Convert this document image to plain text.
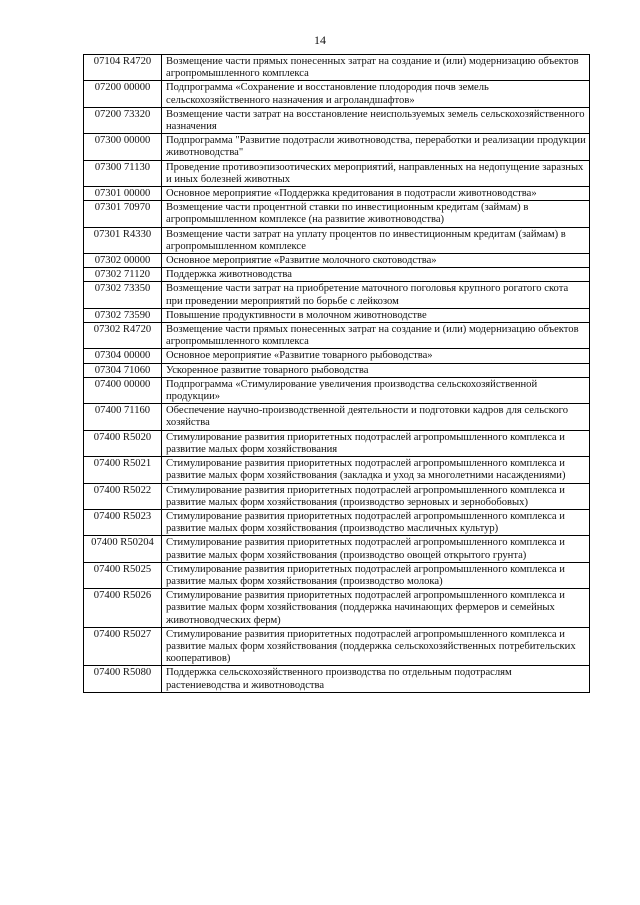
14
07104 R4720	Возмещение части прямых понесенных затрат на создание и (или) модернизацию объектов агропромышленного комплекса
07200 00000	Подпрограмма «Сохранение и восстановление плодородия почв земель сельскохозяйственного назначения и агроландшафтов»
07200 73320	Возмещение части затрат на восстановление неиспользуемых земель сельскохозяйственного назначения
07300 00000	Подпрограмма "Развитие подотрасли животноводства, переработки и реализации продукции животноводства"
07300 71130	Проведение противоэпизоотических мероприятий, направленных на недопущение заразных и иных болезней животных
07301 00000	Основное мероприятие «Поддержка кредитования в подотрасли животноводства»
07301 70970	Возмещение части процентной ставки по инвестиционным кредитам (займам) в агропромышленном комплексе (на развитие животноводства)
07301 R4330	Возмещение части затрат на уплату процентов по инвестиционным кредитам (займам) в агропромышленном комплексе
07302 00000	Основное мероприятие «Развитие молочного скотоводства»
07302 71120	Поддержка животноводства
07302 73350	Возмещение части затрат на приобретение маточного поголовья крупного рогатого скота при проведении мероприятий по борьбе с лейкозом
07302 73590	Повышение продуктивности в молочном животноводстве
07302 R4720	Возмещение части прямых понесенных затрат на создание и (или) модернизацию объектов агропромышленного комплекса
07304 00000	Основное мероприятие «Развитие товарного рыбоводства»
07304 71060	Ускоренное развитие товарного рыбоводства
07400 00000	Подпрограмма «Стимулирование увеличения производства сельскохозяйственной продукции»
07400 71160	Обеспечение научно-производственной деятельности и подготовки кадров для сельского хозяйства
07400 R5020	Стимулирование развития приоритетных подотраслей агропромышленного комплекса и развитие малых форм хозяйствования
07400 R5021	Стимулирование развития приоритетных подотраслей агропромышленного комплекса и развитие малых форм хозяйствования (закладка и уход за многолетними насаждениями)
07400 R5022	Стимулирование развития приоритетных подотраслей агропромышленного комплекса и развитие малых форм хозяйствования (производство зерновых и зернобобовых)
07400 R5023	Стимулирование развития приоритетных подотраслей агропромышленного комплекса и развитие малых форм хозяйствования (производство масличных культур)
07400 R50204	Стимулирование развития приоритетных подотраслей агропромышленного комплекса и развитие малых форм хозяйствования (производство овощей открытого грунта)
07400 R5025	Стимулирование развития приоритетных подотраслей агропромышленного комплекса и развитие малых форм хозяйствования (производство молока)
07400 R5026	Стимулирование развития приоритетных подотраслей агропромышленного комплекса и развитие малых форм хозяйствования (поддержка начинающих фермеров и семейных животноводческих ферм)
07400 R5027	Стимулирование развития приоритетных подотраслей агропромышленного комплекса и развитие малых форм хозяйствования (поддержка сельскохозяйственных потребительских кооперативов)
07400 R5080	Поддержка сельскохозяйственного производства по отдельным подотраслям растениеводства и животноводства
